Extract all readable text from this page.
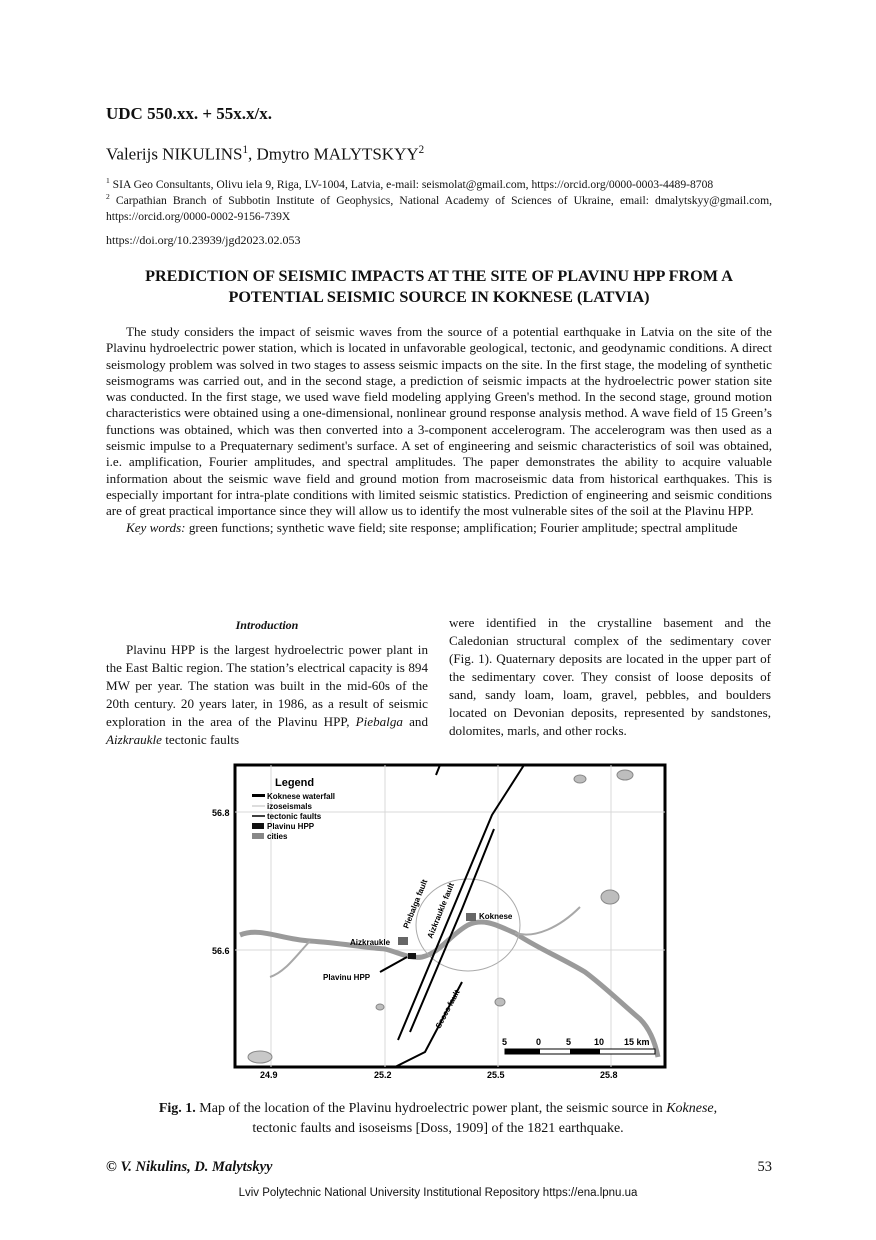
UDC 550.xx. + 55x.x/x.
Valerijs NIKULINS$^1$, Dmytro MALYTSKYY$^2$
$^1$ SIA Geo Consultants, Olivu iela 9, Riga, LV-1004, Latvia, e-mail: seismolat@gmail.com, https://orcid.org/0000-0003-4489-8708
$^2$ Carpathian Branch of Subbotin Institute of Geophysics, National Academy of Sciences of Ukraine, email: dmalytskyy@gmail.com, https://orcid.org/0000-0002-9156-739X
https://doi.org/10.23939/jgd2023.02.053
PREDICTION OF SEISMIC IMPACTS AT THE SITE OF PLAVINU HPP FROM A POTENTIAL SEISMIC SOURCE IN KOKNESE (LATVIA)

The study considers the impact of seismic waves from the source of a potential earthquake in Latvia on the site of the Plavinu hydroelectric power station, which is located in unfavorable geological, tectonic, and geodynamic conditions. A direct seismology problem was solved in two stages to assess seismic impacts on the site. In the first stage, the modeling of synthetic seismograms was carried out, and in the second stage, a prediction of seismic impacts at the hydroelectric power station site was conducted. In the first stage, we used wave field modeling applying Green's method. In the second stage, ground motion characteristics were obtained using a one-dimensional, nonlinear ground response analysis method. A wave field of 15 Green’s functions was obtained, which was then converted into a 3-component accelerogram. The accelerogram was then used as a seismic impulse to a Prequaternary sediment's surface. A set of engineering and seismic characteristics of soil was obtained, i.e. amplification, Fourier amplitudes, and spectral amplitudes. The paper demonstrates the ability to acquire valuable information about the seismic wave field and ground motion from macroseismic data from historical earthquakes. This is especially important for intra-plate conditions with limited seismic statistics. Prediction of engineering and seismic conditions are of great practical importance since they will allow us to identify the most vulnerable sites of the soil at the Plavinu HPP.

Key words: green functions; synthetic wave field; site response; amplification; Fourier amplitude; spectral amplitude

Introduction

Plavinu HPP is the largest hydroelectric power plant in the East Baltic region. The station’s electrical capacity is 894 MW per year. The station was built in the mid-60s of the 20th century. 20 years later, in 1986, as a result of seismic exploration in the area of the Plavinu HPP, Piebalga and Aizkraukle tectonic faults

were identified in the crystalline basement and the Caledonian structural complex of the sedimentary cover (Fig. 1). Quaternary deposits are located in the upper part of the sedimentary cover. They consist of loose deposits of sand, sandy loam, loam, gravel, pebbles, and boulders located on Devonian deposits, represented by sandstones, dolomites, marls, and other rocks.

Legend
Koknese waterfall
izoseismals
tectonic faults
Plavinu HPP
cities
56.8
56.6
24.9	25.2	25.5	25.8
Piebalga fault
Aizkraukle fault	Koknese
Aizkraukle
Plavinu HPP
Seces fault
5	0	5	10 15 km
Fig. 1. Map of the location of the Plavinu hydroelectric power plant, the seismic source in Koknese, tectonic faults and isoseisms [Doss, 1909] of the 1821 earthquake.
© V. Nikulins, D. Malytskyy	53
Lviv Polytechnic National University Institutional Repository https://ena.lpnu.ua
